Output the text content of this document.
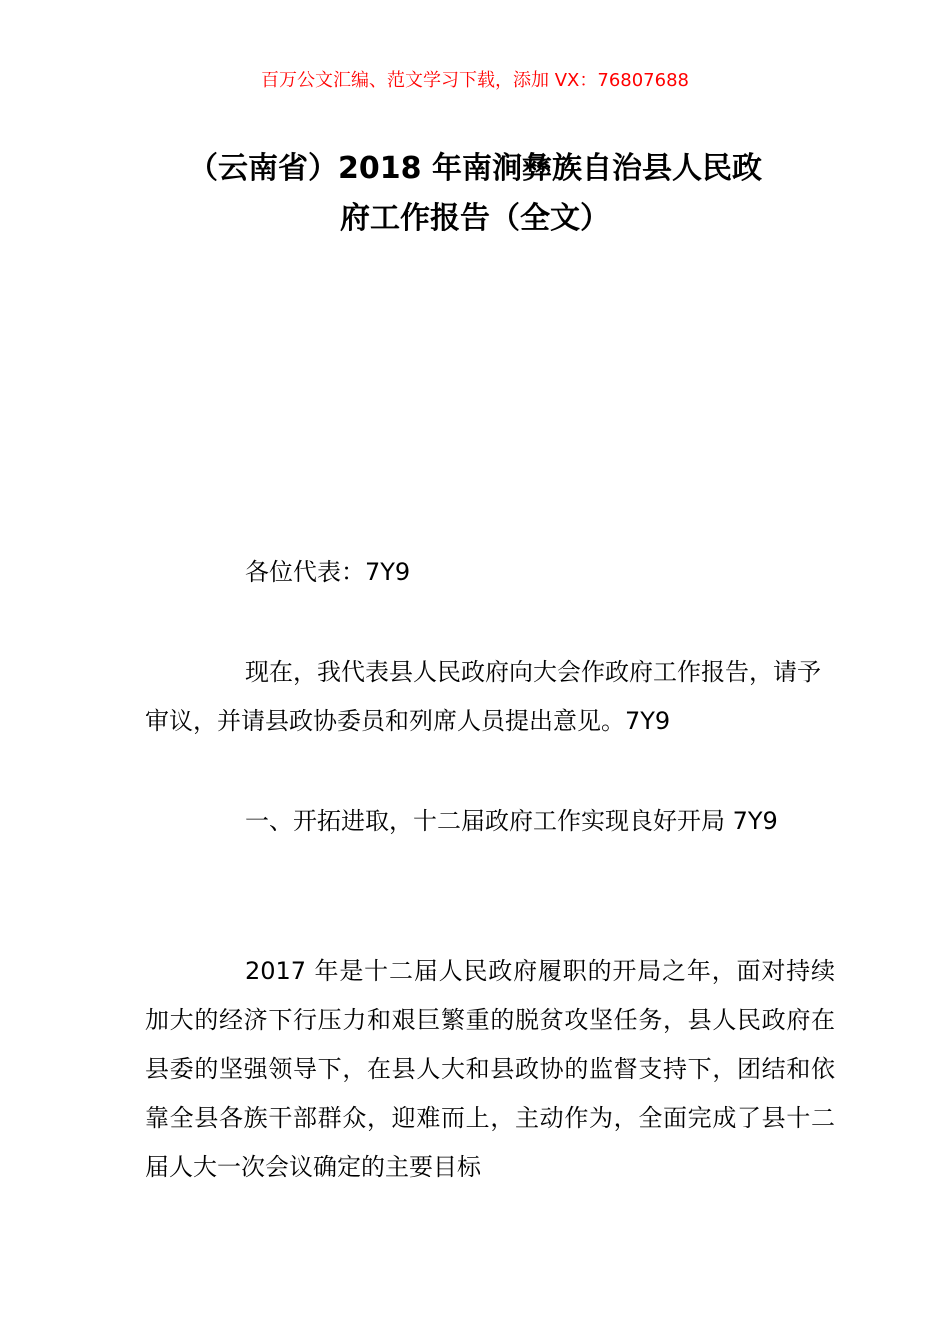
百万公文汇编、范文学习下载，添加 VX：76807688
（云南省）2018 年南涧彝族自治县人民政
府工作报告（全文）

各位代表：7Y9

现在，我代表县人民政府向大会作政府工作报告，请予审议，并请县政协委员和列席人员提出意见。7Y9

一、开拓进取，十二届政府工作实现良好开局 7Y9

2017 年是十二届人民政府履职的开局之年，面对持续加大的经济下行压力和艰巨繁重的脱贫攻坚任务，县人民政府在县委的坚强领导下，在县人大和县政协的监督支持下，团结和依靠全县各族干部群众，迎难而上，主动作为，全面完成了县十二届人大一次会议确定的主要目标
